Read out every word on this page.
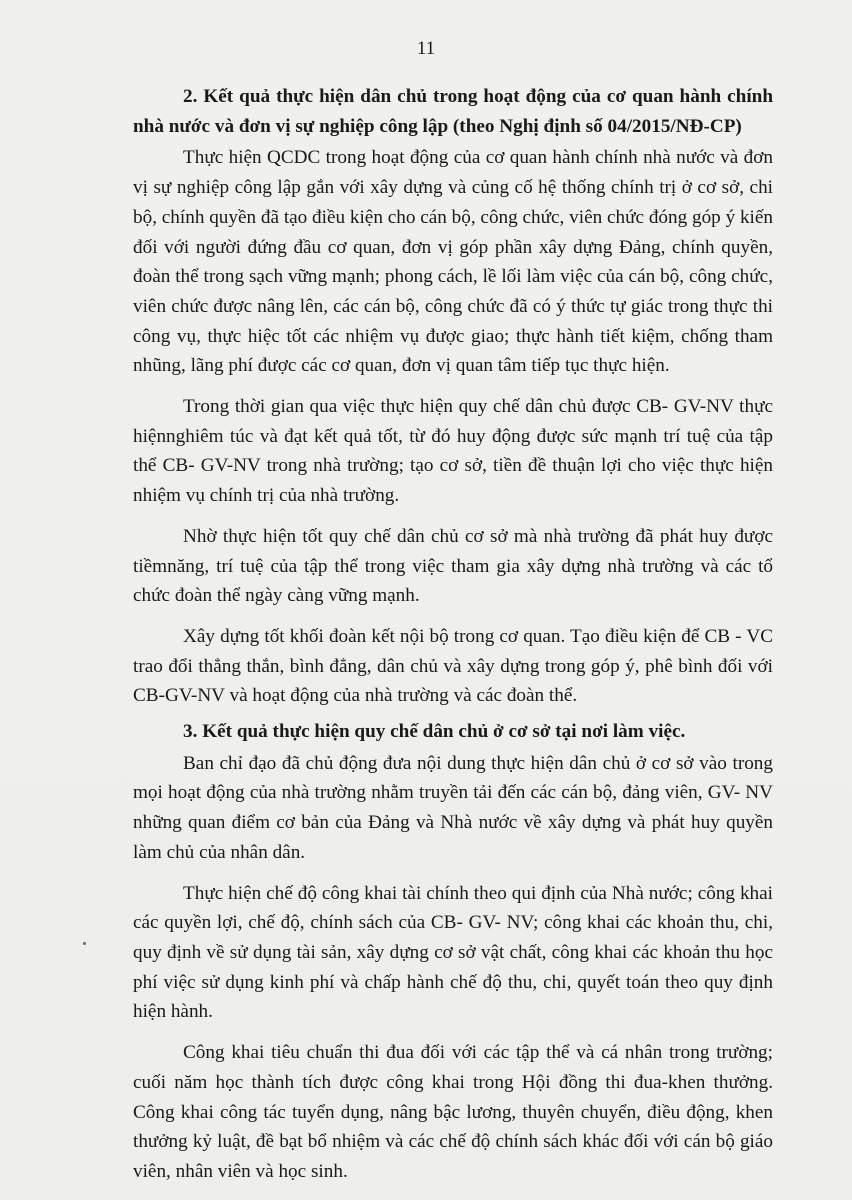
11

2. Kết quả thực hiện dân chủ trong hoạt động của cơ quan hành chính nhà nước và đơn vị sự nghiệp công lập (theo Nghị định số 04/2015/NĐ-CP)

Thực hiện QCDC trong hoạt động của cơ quan hành chính nhà nước và đơn vị sự nghiệp công lập gắn với xây dựng và củng cố hệ thống chính trị ở cơ sở, chi bộ, chính quyền đã tạo điều kiện cho cán bộ, công chức, viên chức đóng góp ý kiến đối với người đứng đầu cơ quan, đơn vị góp phần xây dựng Đảng, chính quyền, đoàn thể trong sạch vững mạnh; phong cách, lề lối làm việc của cán bộ, công chức, viên chức được nâng lên, các cán bộ, công chức đã có ý thức tự giác trong thực thi công vụ, thực hiệc tốt các nhiệm vụ được giao; thực hành tiết kiệm, chống tham nhũng, lãng phí được các cơ quan, đơn vị quan tâm tiếp tục thực hiện.

Trong thời gian qua việc thực hiện quy chế dân chủ được CB- GV-NV thực hiệnnghiêm túc và đạt kết quả tốt, từ đó huy động được sức mạnh trí tuệ của tập thể CB- GV-NV trong nhà trường; tạo cơ sở, tiền đề thuận lợi cho việc thực hiện nhiệm vụ chính trị của nhà trường.

Nhờ thực hiện tốt quy chế dân chủ cơ sở mà nhà trường đã phát huy được tiềmnăng, trí tuệ của tập thể trong việc tham gia xây dựng nhà trường và các tổ chức đoàn thể ngày càng vững mạnh.

Xây dựng tốt khối đoàn kết nội bộ trong cơ quan. Tạo điều kiện để CB - VC trao đổi thẳng thắn, bình đẳng, dân chủ và xây dựng trong góp ý, phê bình đối với CB-GV-NV và hoạt động của nhà trường và các đoàn thể.

3. Kết quả thực hiện quy chế dân chủ ở cơ sở tại nơi làm việc.

Ban chỉ đạo đã chủ động đưa nội dung thực hiện dân chủ ở cơ sở vào trong mọi hoạt động của nhà trường nhằm truyền tải đến các cán bộ, đảng viên, GV- NV những quan điểm cơ bản của Đảng và Nhà nước về xây dựng và phát huy quyền làm chủ của nhân dân.

Thực hiện chế độ công khai tài chính theo qui định của Nhà nước; công khai các quyền lợi, chế độ, chính sách của CB- GV- NV; công khai các khoản thu, chi, quy định về sử dụng tài sản, xây dựng cơ sở vật chất, công khai các khoản thu học phí việc sử dụng kinh phí và chấp hành chế độ thu, chi, quyết toán theo quy định hiện hành.

Công khai tiêu chuẩn thi đua đối với các tập thể và cá nhân trong trường; cuối năm học thành tích được công khai trong Hội đồng thi đua-khen thưởng. Công khai công tác tuyển dụng, nâng bậc lương, thuyên chuyển, điều động, khen thưởng kỷ luật, đề bạt bổ nhiệm và các chế độ chính sách khác đối với cán bộ giáo viên, nhân viên và học sinh.
